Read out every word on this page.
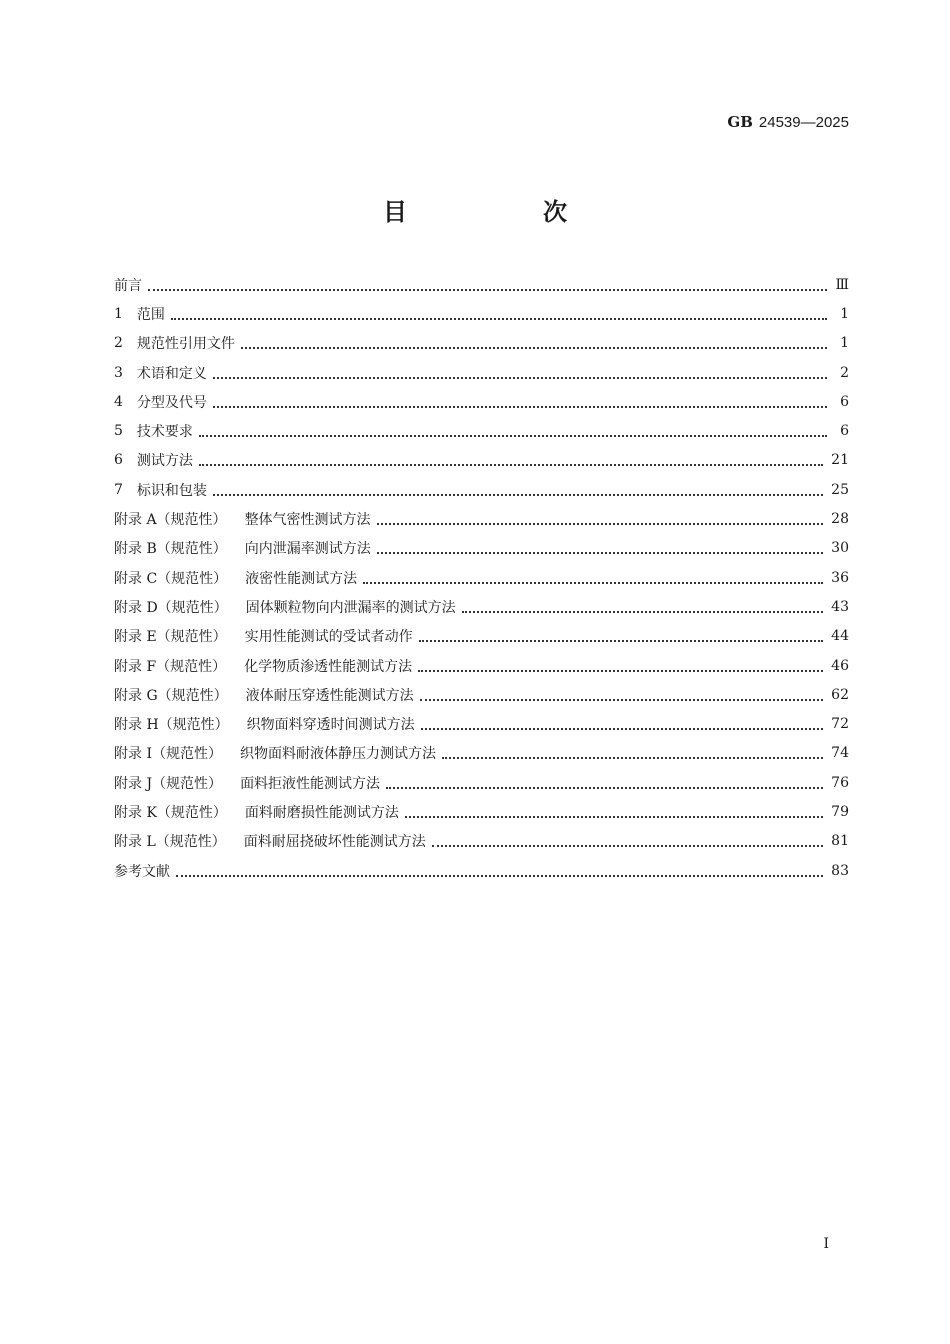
GB 24539—2025
目　次
前言	Ⅲ
1 范围	1
2 规范性引用文件	1
3 术语和定义	2
4 分型及代号	6
5 技术要求	6
6 测试方法	21
7 标识和包装	25
附录 A（规范性） 整体气密性测试方法	28
附录 B（规范性） 向内泄漏率测试方法	30
附录 C（规范性） 液密性能测试方法	36
附录 D（规范性） 固体颗粒物向内泄漏率的测试方法	43
附录 E（规范性） 实用性能测试的受试者动作	44
附录 F（规范性） 化学物质渗透性能测试方法	46
附录 G（规范性） 液体耐压穿透性能测试方法	62
附录 H（规范性） 织物面料穿透时间测试方法	72
附录 I（规范性） 织物面料耐液体静压力测试方法	74
附录 J（规范性） 面料拒液性能测试方法	76
附录 K（规范性） 面料耐磨损性能测试方法	79
附录 L（规范性） 面料耐屈挠破坏性能测试方法	81
参考文献	83
I
